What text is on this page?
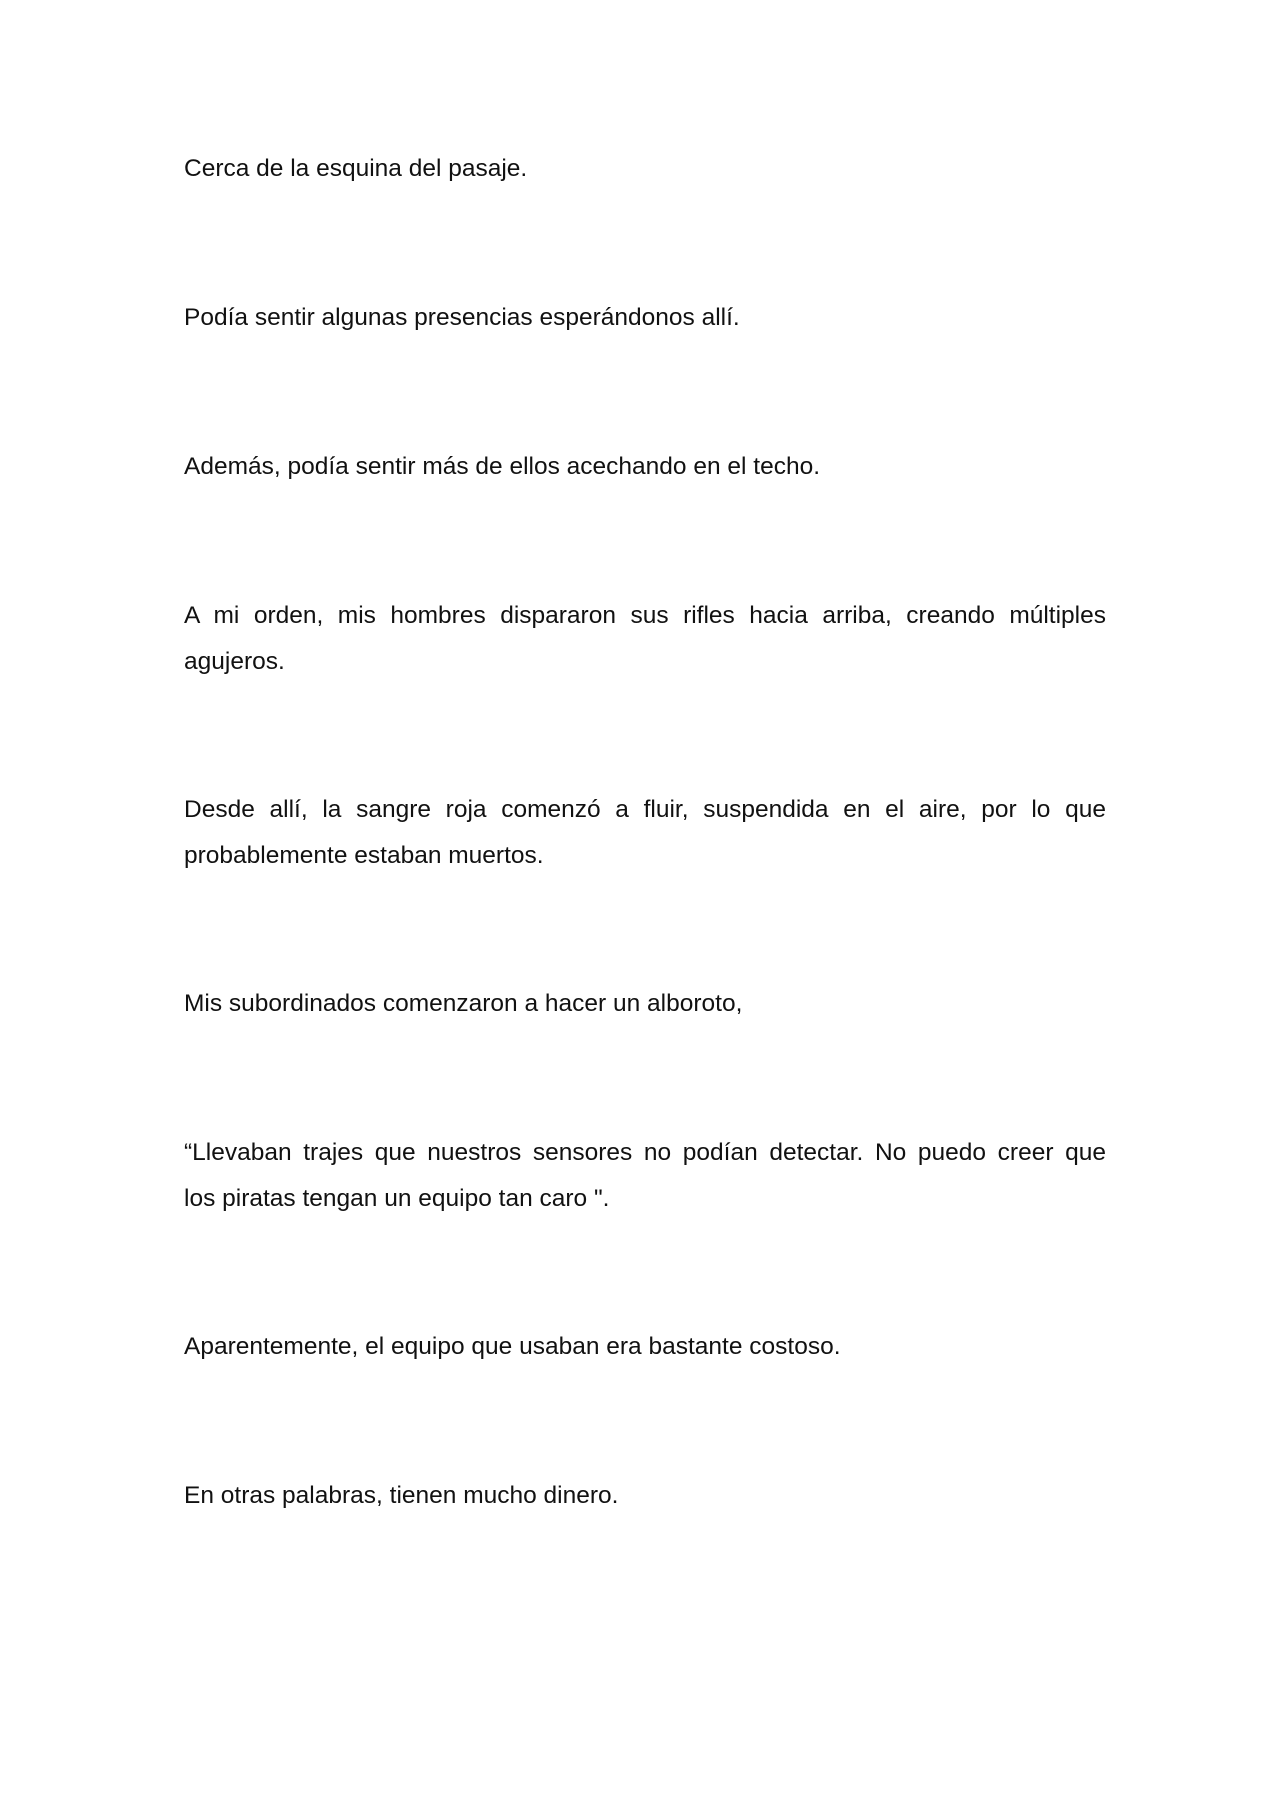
Cerca de la esquina del pasaje.

Podía sentir algunas presencias esperándonos allí.

Además, podía sentir más de ellos acechando en el techo.

A mi orden, mis hombres dispararon sus rifles hacia arriba, creando múltiples
agujeros.

Desde allí, la sangre roja comenzó a fluir, suspendida en el aire, por lo que
probablemente estaban muertos.

Mis subordinados comenzaron a hacer un alboroto,

“Llevaban trajes que nuestros sensores no podían detectar. No puedo creer que
los piratas tengan un equipo tan caro ".

Aparentemente, el equipo que usaban era bastante costoso.

En otras palabras, tienen mucho dinero.
